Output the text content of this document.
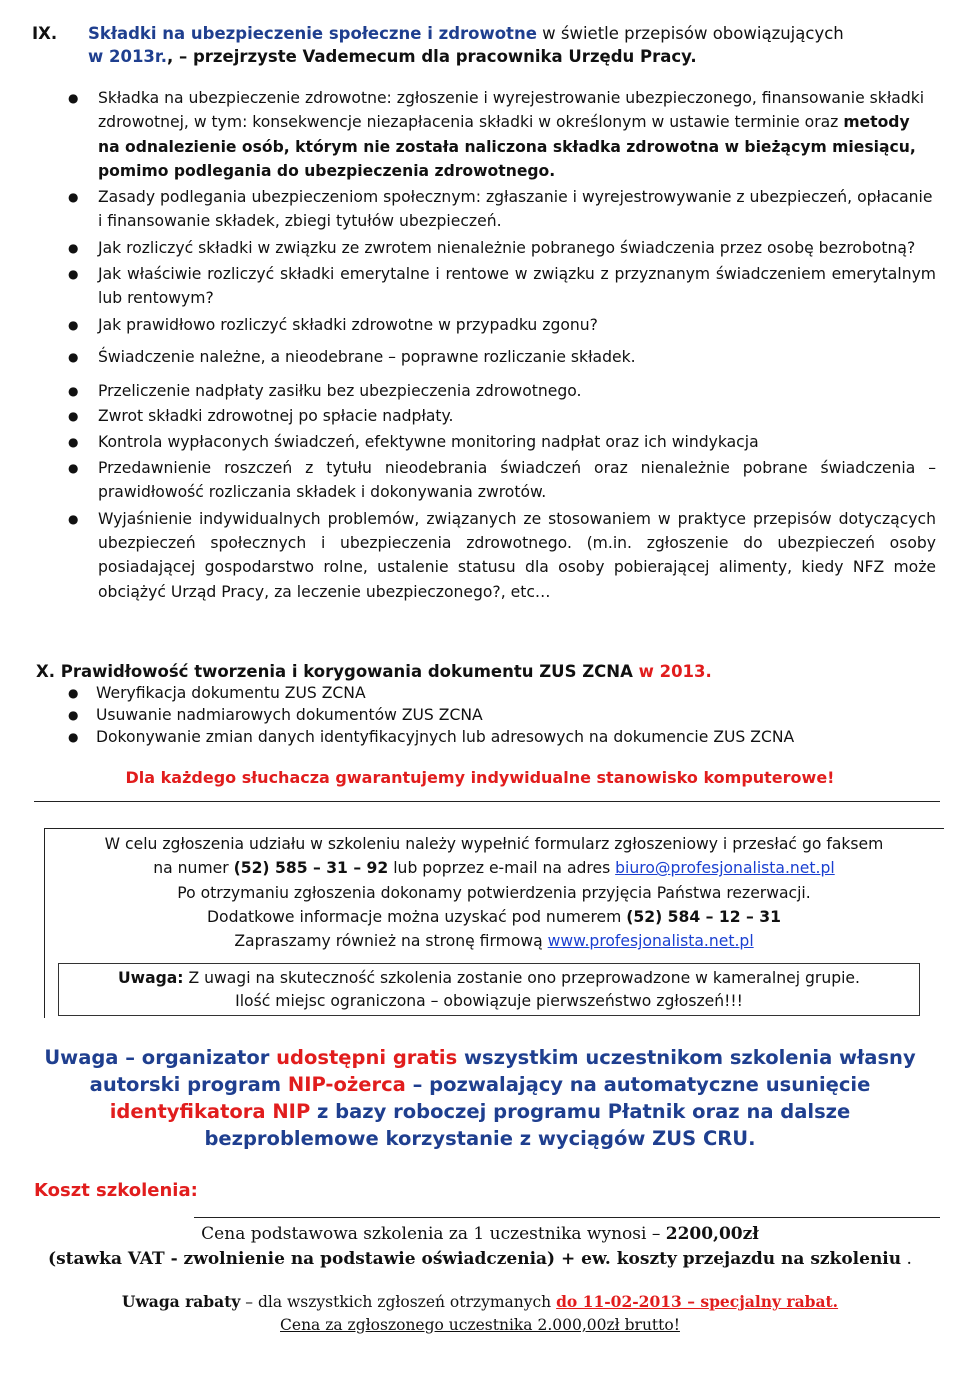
IX. Składki na ubezpieczenie społeczne i zdrowotne w świetle przepisów obowiązujących
w 2013r., – przejrzyste Vademecum dla pracownika Urzędu Pracy.
● Składka na ubezpieczenie zdrowotne: zgłoszenie i wyrejestrowanie ubezpieczonego, finansowanie składki zdrowotnej, w tym: konsekwencje niezapłacenia składki w określonym w ustawie terminie oraz metody na odnalezienie osób, którym nie została naliczona składka zdrowotna w bieżącym miesiącu, pomimo podlegania do ubezpieczenia zdrowotnego.
● Zasady podlegania ubezpieczeniom społecznym: zgłaszanie i wyrejestrowywanie z ubezpieczeń, opłacanie i finansowanie składek, zbiegi tytułów ubezpieczeń.
● Jak rozliczyć składki w związku ze zwrotem nienależnie pobranego świadczenia przez osobę bezrobotną?
● Jak właściwie rozliczyć składki emerytalne i rentowe w związku z przyznanym świadczeniem emerytalnym lub rentowym?
● Jak prawidłowo rozliczyć składki zdrowotne w przypadku zgonu?
● Świadczenie należne, a nieodebrane – poprawne rozliczanie składek.
● Przeliczenie nadpłaty zasiłku bez ubezpieczenia zdrowotnego.
● Zwrot składki zdrowotnej po spłacie nadpłaty.
● Kontrola wypłaconych świadczeń, efektywne monitoring nadpłat oraz ich windykacja
● Przedawnienie roszczeń z tytułu nieodebrania świadczeń oraz nienależnie pobrane świadczenia – prawidłowość rozliczania składek i dokonywania zwrotów.
● Wyjaśnienie indywidualnych problemów, związanych ze stosowaniem w praktyce przepisów dotyczących ubezpieczeń społecznych i ubezpieczenia zdrowotnego. (m.in. zgłoszenie do ubezpieczeń osoby posiadającej gospodarstwo rolne, ustalenie statusu dla osoby pobierającej alimenty, kiedy NFZ może obciążyć Urząd Pracy, za leczenie ubezpieczonego?, etc…
X. Prawidłowość tworzenia i korygowania dokumentu ZUS ZCNA w 2013.
● Weryfikacja dokumentu ZUS ZCNA
● Usuwanie nadmiarowych dokumentów ZUS ZCNA
● Dokonywanie zmian danych identyfikacyjnych lub adresowych na dokumencie ZUS ZCNA
Dla każdego słuchacza gwarantujemy indywidualne stanowisko komputerowe!

W celu zgłoszenia udziału w szkoleniu należy wypełnić formularz zgłoszeniowy i przesłać go faksem

na numer (52) 585 – 31 – 92 lub poprzez e-mail na adres biuro@profesjonalista.net.pl

Po otrzymaniu zgłoszenia dokonamy potwierdzenia przyjęcia Państwa rezerwacji.

Dodatkowe informacje można uzyskać pod numerem (52) 584 – 12 – 31

Zapraszamy również na stronę firmową www.profesjonalista.net.pl

Uwaga: Z uwagi na skuteczność szkolenia zostanie ono przeprowadzone w kameralnej grupie.
Ilość miejsc ograniczona – obowiązuje pierwszeństwo zgłoszeń!!!
Uwaga – organizator udostępni gratis wszystkim uczestnikom szkolenia własny autorski program NIP-ożerca – pozwalający na automatyczne usunięcie identyfikatora NIP z bazy roboczej programu Płatnik oraz na dalsze bezproblemowe korzystanie z wyciągów ZUS CRU.
Koszt szkolenia:
Cena podstawowa szkolenia za 1 uczestnika wynosi – 2200,00zł
(stawka VAT - zwolnienie na podstawie oświadczenia) + ew. koszty przejazdu na szkoleniu .
Uwaga rabaty – dla wszystkich zgłoszeń otrzymanych do 11-02-2013 – specjalny rabat.
Cena za zgłoszonego uczestnika 2.000,00zł brutto!
